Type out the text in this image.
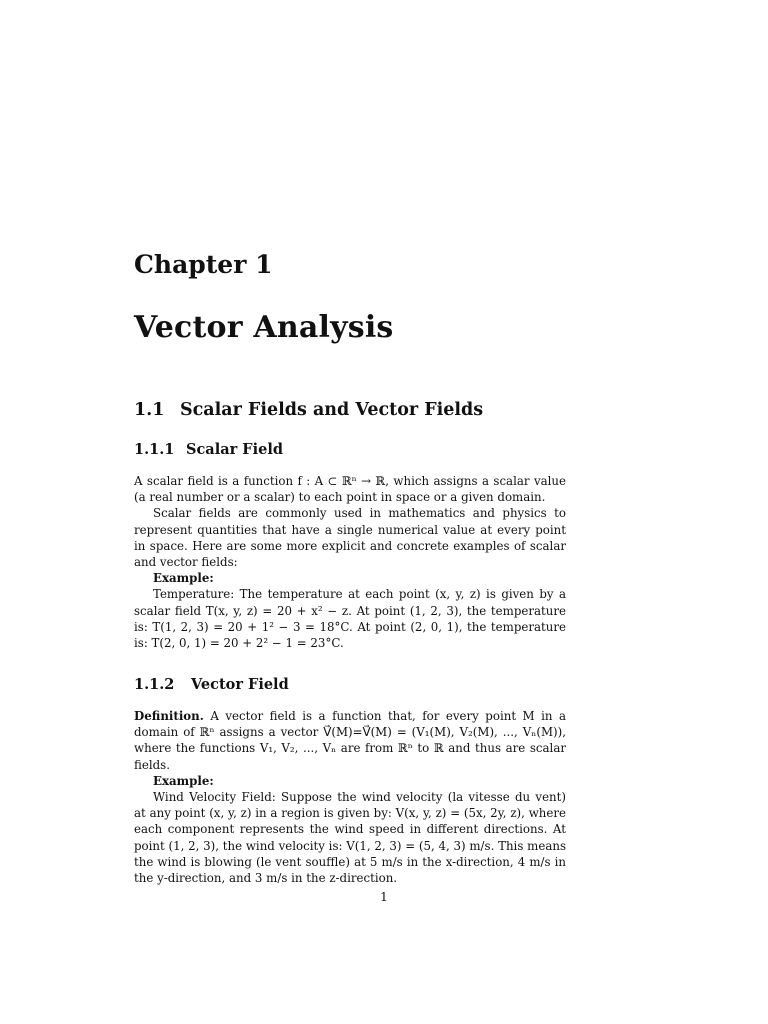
Chapter 1
Vector Analysis
1.1 Scalar Fields and Vector Fields
1.1.1 Scalar Field

A scalar field is a function f : A ⊂ ℝⁿ → ℝ, which assigns a scalar value (a real number or a scalar) to each point in space or a given domain.

Scalar fields are commonly used in mathematics and physics to represent quantities that have a single numerical value at every point in space. Here are some more explicit and concrete examples of scalar and vector fields:

Example:

Temperature: The temperature at each point (x, y, z) is given by a scalar field T(x, y, z) = 20 + x² − z. At point (1, 2, 3), the temperature is: T(1, 2, 3) = 20 + 1² − 3 = 18°C. At point (2, 0, 1), the temperature is: T(2, 0, 1) = 20 + 2² − 1 = 23°C.

1.1.2 Vector Field

Definition. A vector field is a function that, for every point M in a domain of ℝⁿ assigns a vector V⃗(M)=V⃗(M) = (V₁(M), V₂(M), ..., Vₙ(M)), where the functions V₁, V₂, ..., Vₙ are from ℝⁿ to ℝ and thus are scalar fields.

Example:

Wind Velocity Field: Suppose the wind velocity (la vitesse du vent) at any point (x, y, z) in a region is given by: V(x, y, z) = (5x, 2y, z), where each component represents the wind speed in different directions. At point (1, 2, 3), the wind velocity is: V(1, 2, 3) = (5, 4, 3) m/s. This means the wind is blowing (le vent souffle) at 5 m/s in the x-direction, 4 m/s in the y-direction, and 3 m/s in the z-direction.

1
